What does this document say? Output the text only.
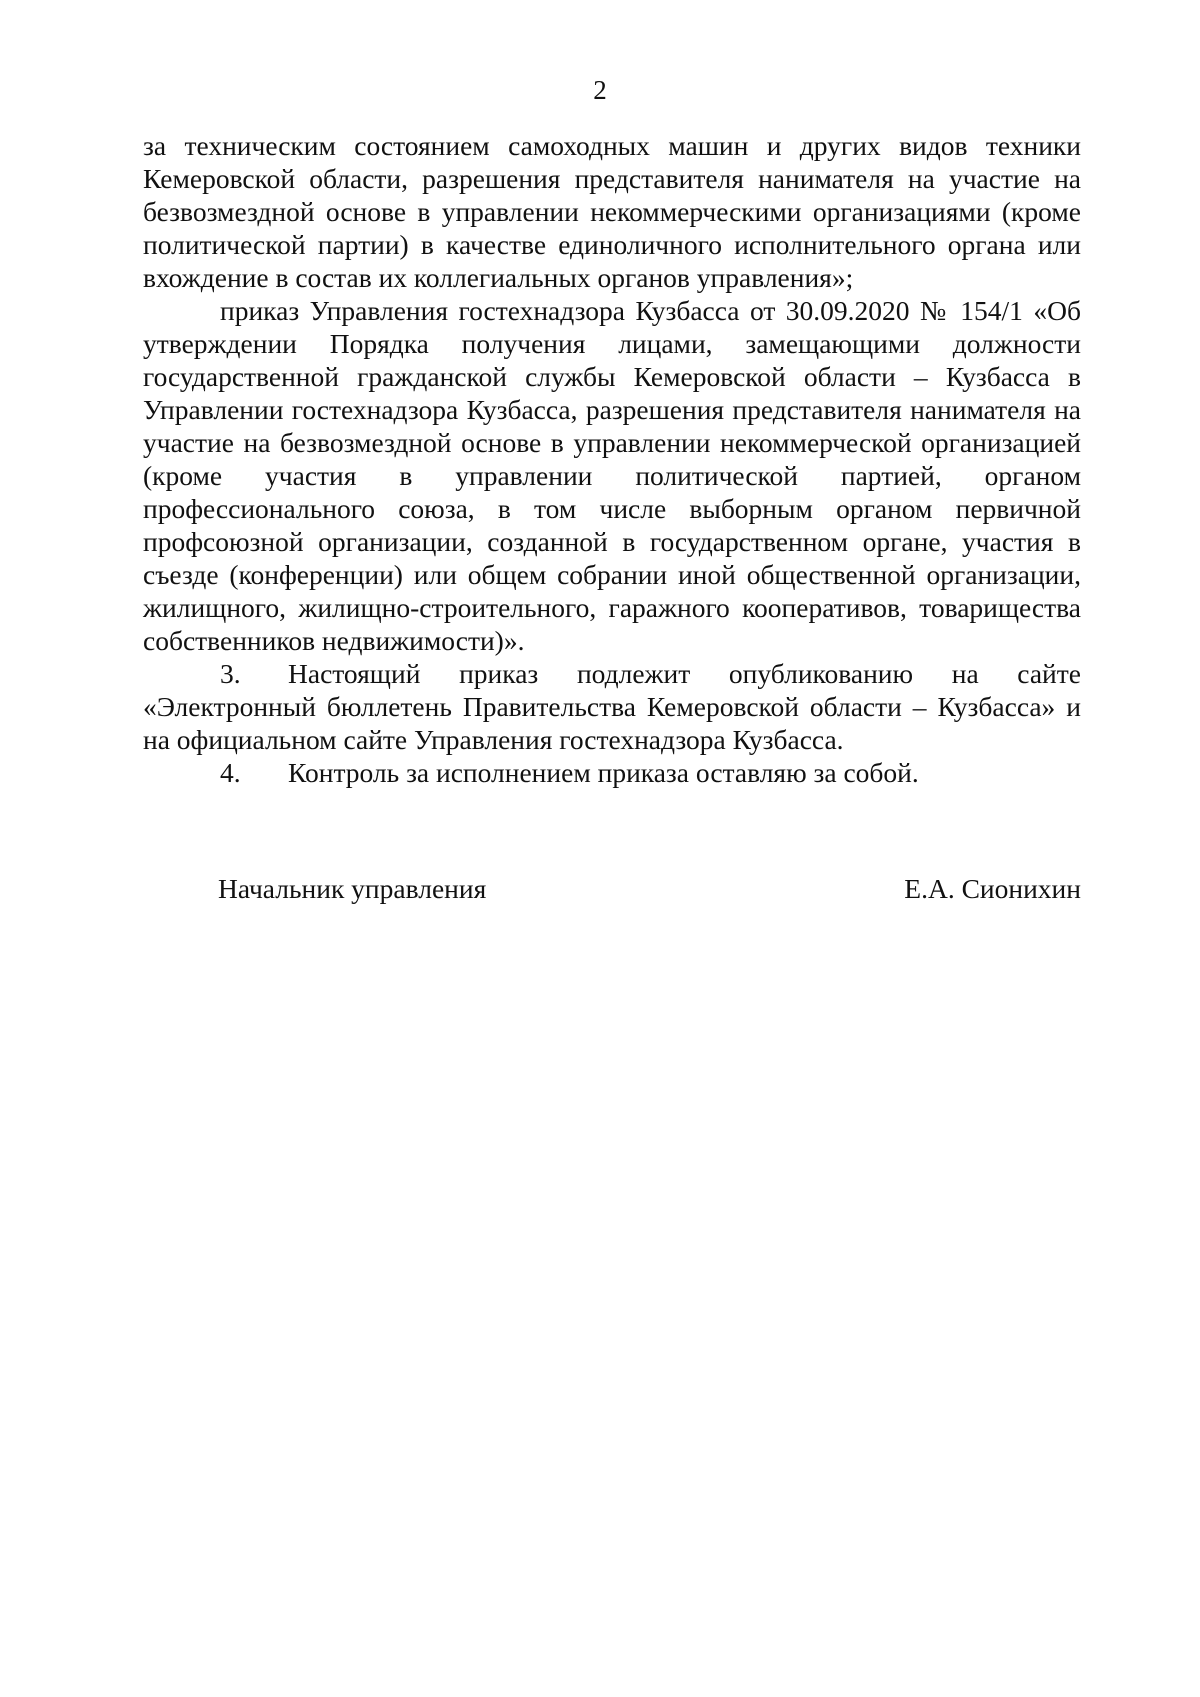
2

за техническим состоянием самоходных машин и других видов техники Кемеровской области, разрешения представителя нанимателя на участие на безвозмездной основе в управлении некоммерческими организациями (кроме политической партии) в качестве единоличного исполнительного органа или вхождение в состав их коллегиальных органов управления»;

приказ Управления гостехнадзора Кузбасса от 30.09.2020 № 154/1 «Об утверждении Порядка получения лицами, замещающими должности государственной гражданской службы Кемеровской области – Кузбасса в Управлении гостехнадзора Кузбасса, разрешения представителя нанимателя на участие на безвозмездной основе в управлении некоммерческой организацией (кроме участия в управлении политической партией, органом профессионального союза, в том числе выборным органом первичной профсоюзной организации, созданной в государственном органе, участия в съезде (конференции) или общем собрании иной общественной организации, жилищного, жилищно-строительного, гаражного кооперативов, товарищества собственников недвижимости)».

3. Настоящий приказ подлежит опубликованию на сайте «Электронный бюллетень Правительства Кемеровской области – Кузбасса» и на официальном сайте Управления гостехнадзора Кузбасса.

4. Контроль за исполнением приказа оставляю за собой.

Начальник управления	Е.А. Сионихин
